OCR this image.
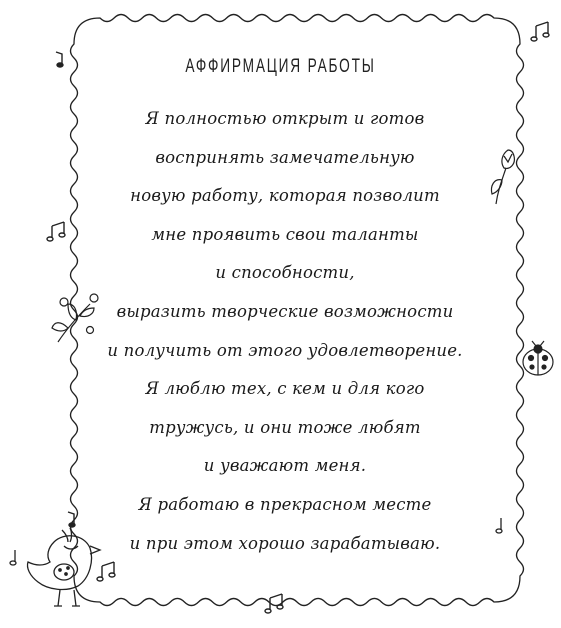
АФФИРМАЦИЯ РАБОТЫ
Я полностью открыт и готов
воспринять замечательную
новую работу, которая позволит
мне проявить свои таланты
и способности,
выразить творческие возможности
и получить от этого удовлетворение.
Я люблю тех, с кем и для кого
тружусь, и они тоже любят
и уважают меня.
Я работаю в прекрасном месте
и при этом хорошо зарабатываю.
